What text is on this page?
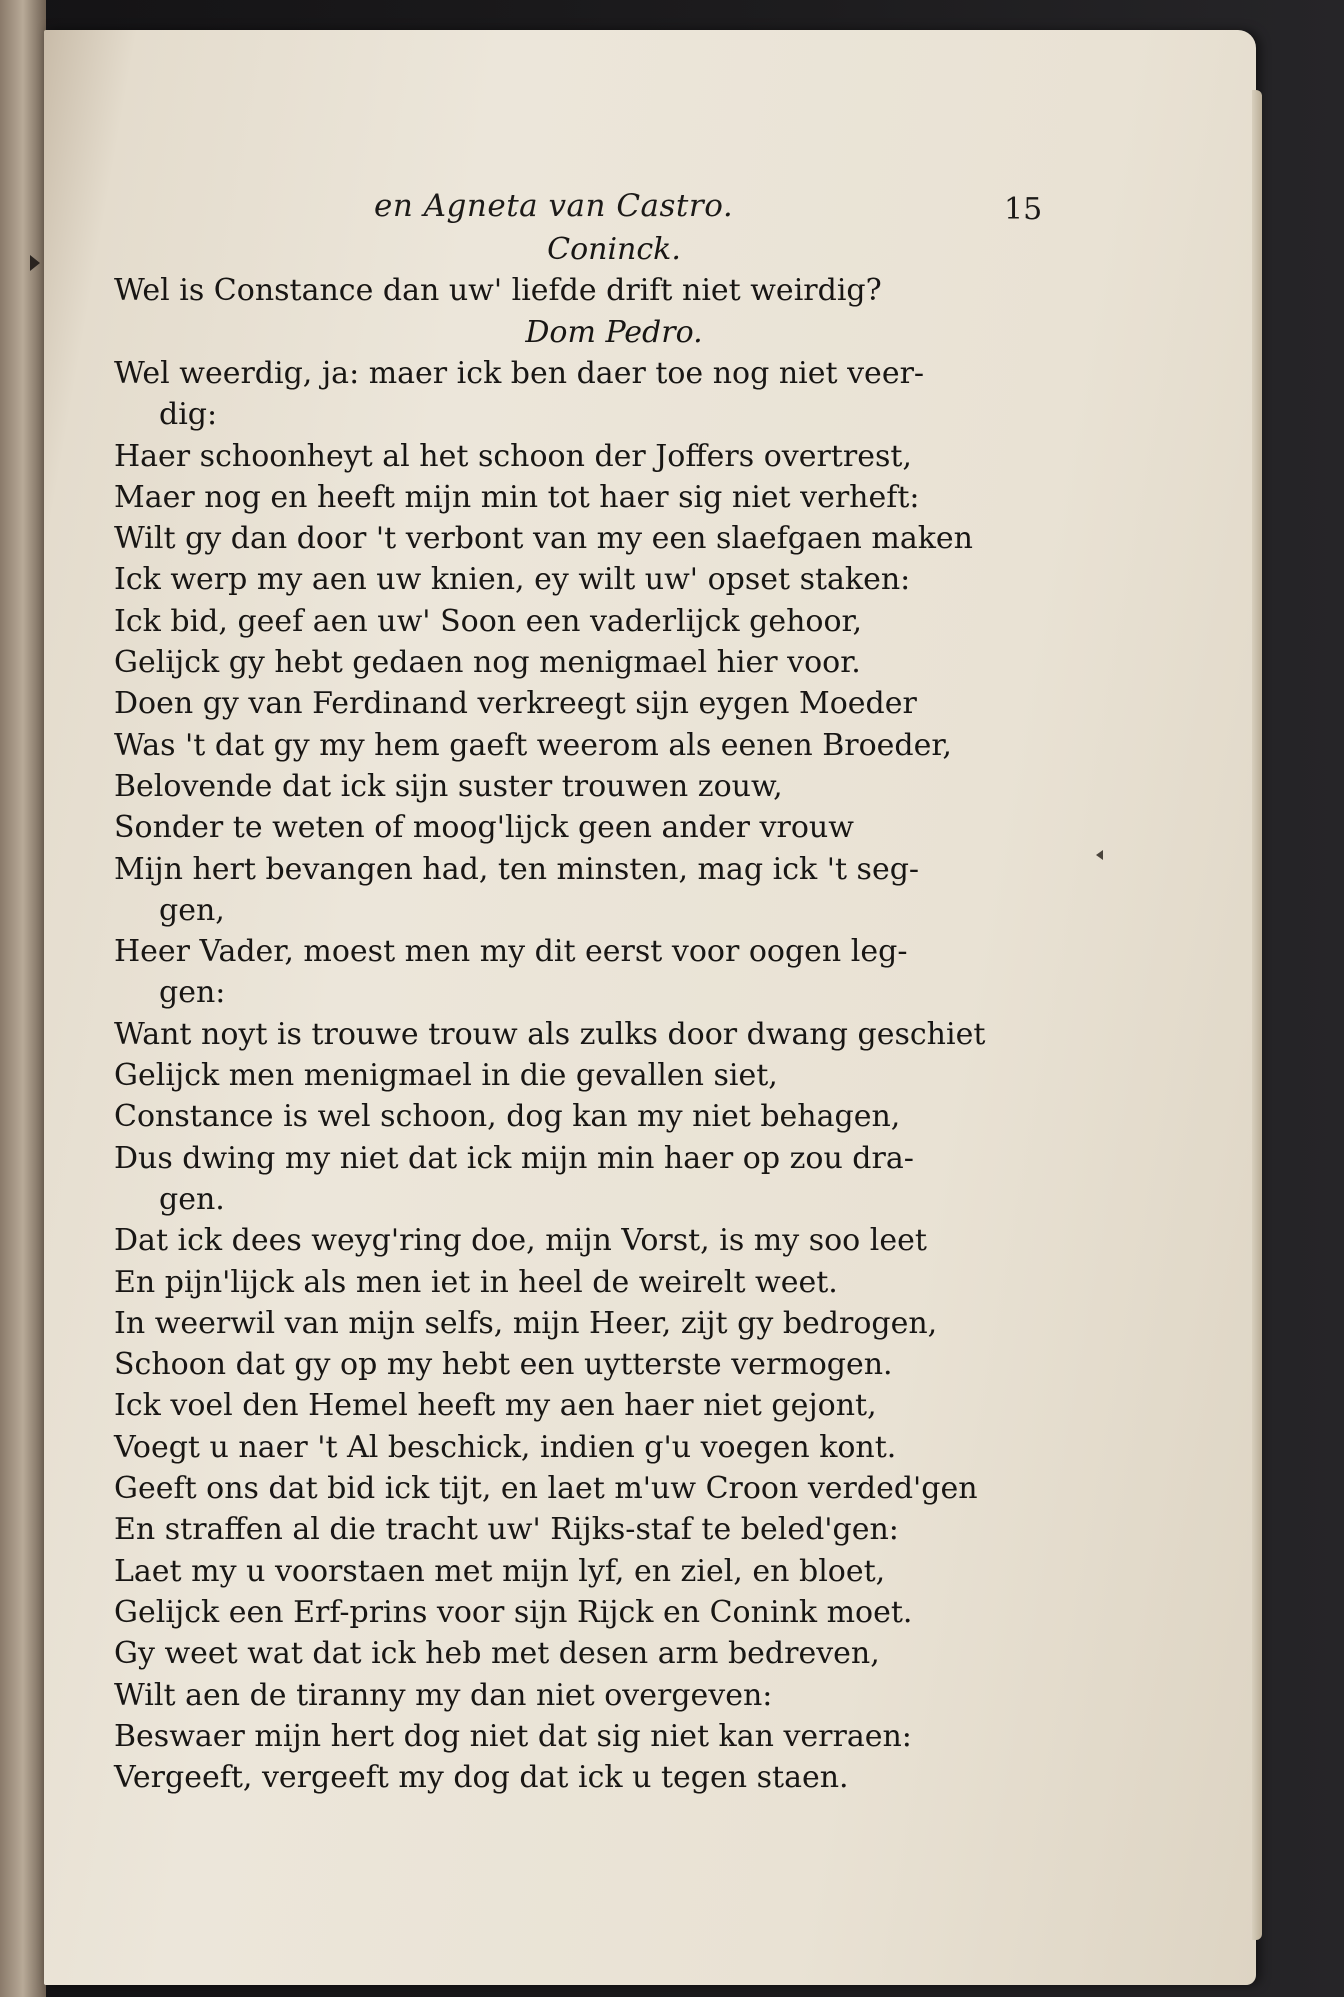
en Agneta van Castro.	15
Coninck.
Wel is Constance dan uw' liefde drift niet weirdig?
Dom Pedro.
Wel weerdig, ja: maer ick ben daer toe nog niet veer-
dig:
Haer schoonheyt al het schoon der Joffers overtrest,
Maer nog en heeft mijn min tot haer sig niet verheft:
Wilt gy dan door 't verbont van my een slaefgaen maken
Ick werp my aen uw knien, ey wilt uw' opset staken:
Ick bid, geef aen uw' Soon een vaderlijck gehoor,
Gelijck gy hebt gedaen nog menigmael hier voor.
Doen gy van Ferdinand verkreegt sijn eygen Moeder
Was 't dat gy my hem gaeft weerom als eenen Broeder,
Belovende dat ick sijn suster trouwen zouw,
Sonder te weten of moog'lijck geen ander vrouw
Mijn hert bevangen had, ten minsten, mag ick 't seg-
gen,
Heer Vader, moest men my dit eerst voor oogen leg-
gen:
Want noyt is trouwe trouw als zulks door dwang geschiet
Gelijck men menigmael in die gevallen siet,
Constance is wel schoon, dog kan my niet behagen,
Dus dwing my niet dat ick mijn min haer op zou dra-
gen.
Dat ick dees weyg'ring doe, mijn Vorst, is my soo leet
En pijn'lijck als men iet in heel de weirelt weet.
In weerwil van mijn selfs, mijn Heer, zijt gy bedrogen,
Schoon dat gy op my hebt een uytterste vermogen.
Ick voel den Hemel heeft my aen haer niet gejont,
Voegt u naer 't Al beschick, indien g'u voegen kont.
Geeft ons dat bid ick tijt, en laet m'uw Croon verded'gen
En straffen al die tracht uw' Rijks-staf te beled'gen:
Laet my u voorstaen met mijn lyf, en ziel, en bloet,
Gelijck een Erf-prins voor sijn Rijck en Conink moet.
Gy weet wat dat ick heb met desen arm bedreven,
Wilt aen de tiranny my dan niet overgeven:
Beswaer mijn hert dog niet dat sig niet kan verraen:
Vergeeft, vergeeft my dog dat ick u tegen staen.
